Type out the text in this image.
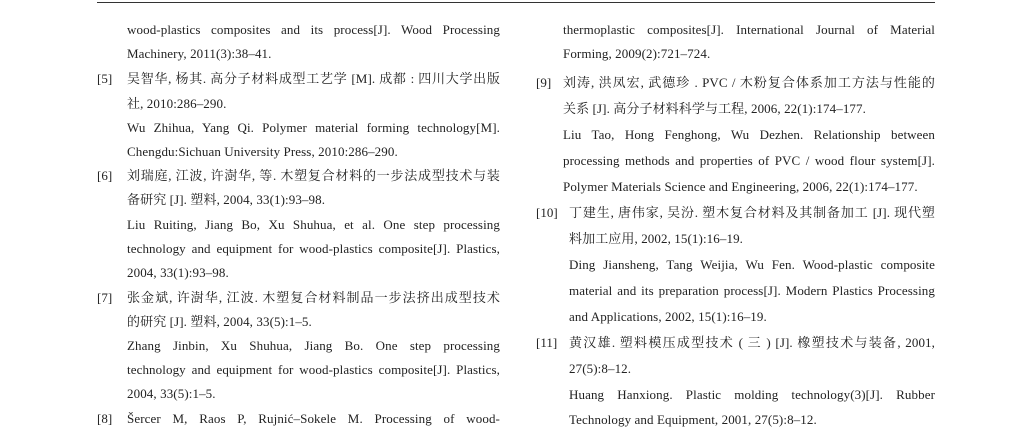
wood-plastics composites and its process[J]. Wood Processing
Machinery, 2011(3):38–41.
[5] 吴智华, 杨其. 高分子材料成型工艺学 [M]. 成都 : 四川大学出版
社, 2010:286–290.
Wu Zhihua, Yang Qi. Polymer material forming technology[M].
Chengdu:Sichuan University Press, 2010:286–290.
[6] 刘瑞庭, 江波, 许澍华, 等. 木塑复合材料的一步法成型技术与装
备研究 [J]. 塑料, 2004, 33(1):93–98.
Liu Ruiting, Jiang Bo, Xu Shuhua, et al. One step processing
technology and equipment for wood-plastics composite[J]. Plastics,
2004, 33(1):93–98.
[7] 张金斌, 许澍华, 江波. 木塑复合材料制品一步法挤出成型技术
的研究 [J]. 塑料, 2004, 33(5):1–5.
Zhang Jinbin, Xu Shuhua, Jiang Bo. One step processing
technology and equipment for wood-plastics composite[J]. Plastics,
2004, 33(5):1–5.
[8] Šercer M, Raos P, Rujnić–Sokele M. Processing of wood-
thermoplastic composites[J]. International Journal of Material
Forming, 2009(2):721–724.
[9] 刘涛, 洪凤宏, 武德珍 . PVC / 木粉复合体系加工方法与性能的
关系 [J]. 高分子材料科学与工程, 2006, 22(1):174–177.
Liu Tao, Hong Fenghong, Wu Dezhen. Relationship between
processing methods and properties of PVC / wood flour system[J].
Polymer Materials Science and Engineering, 2006, 22(1):174–177.
[10] 丁建生, 唐伟家, 吴汾. 塑木复合材料及其制备加工 [J]. 现代塑
料加工应用, 2002, 15(1):16–19.
Ding Jiansheng, Tang Weijia, Wu Fen. Wood-plastic composite
material and its preparation process[J]. Modern Plastics Processing
and Applications, 2002, 15(1):16–19.
[11] 黄汉雄. 塑料模压成型技术 ( 三 ) [J]. 橡塑技术与装备, 2001,
27(5):8–12.
Huang Hanxiong. Plastic molding technology(3)[J]. Rubber
Technology and Equipment, 2001, 27(5):8–12.
